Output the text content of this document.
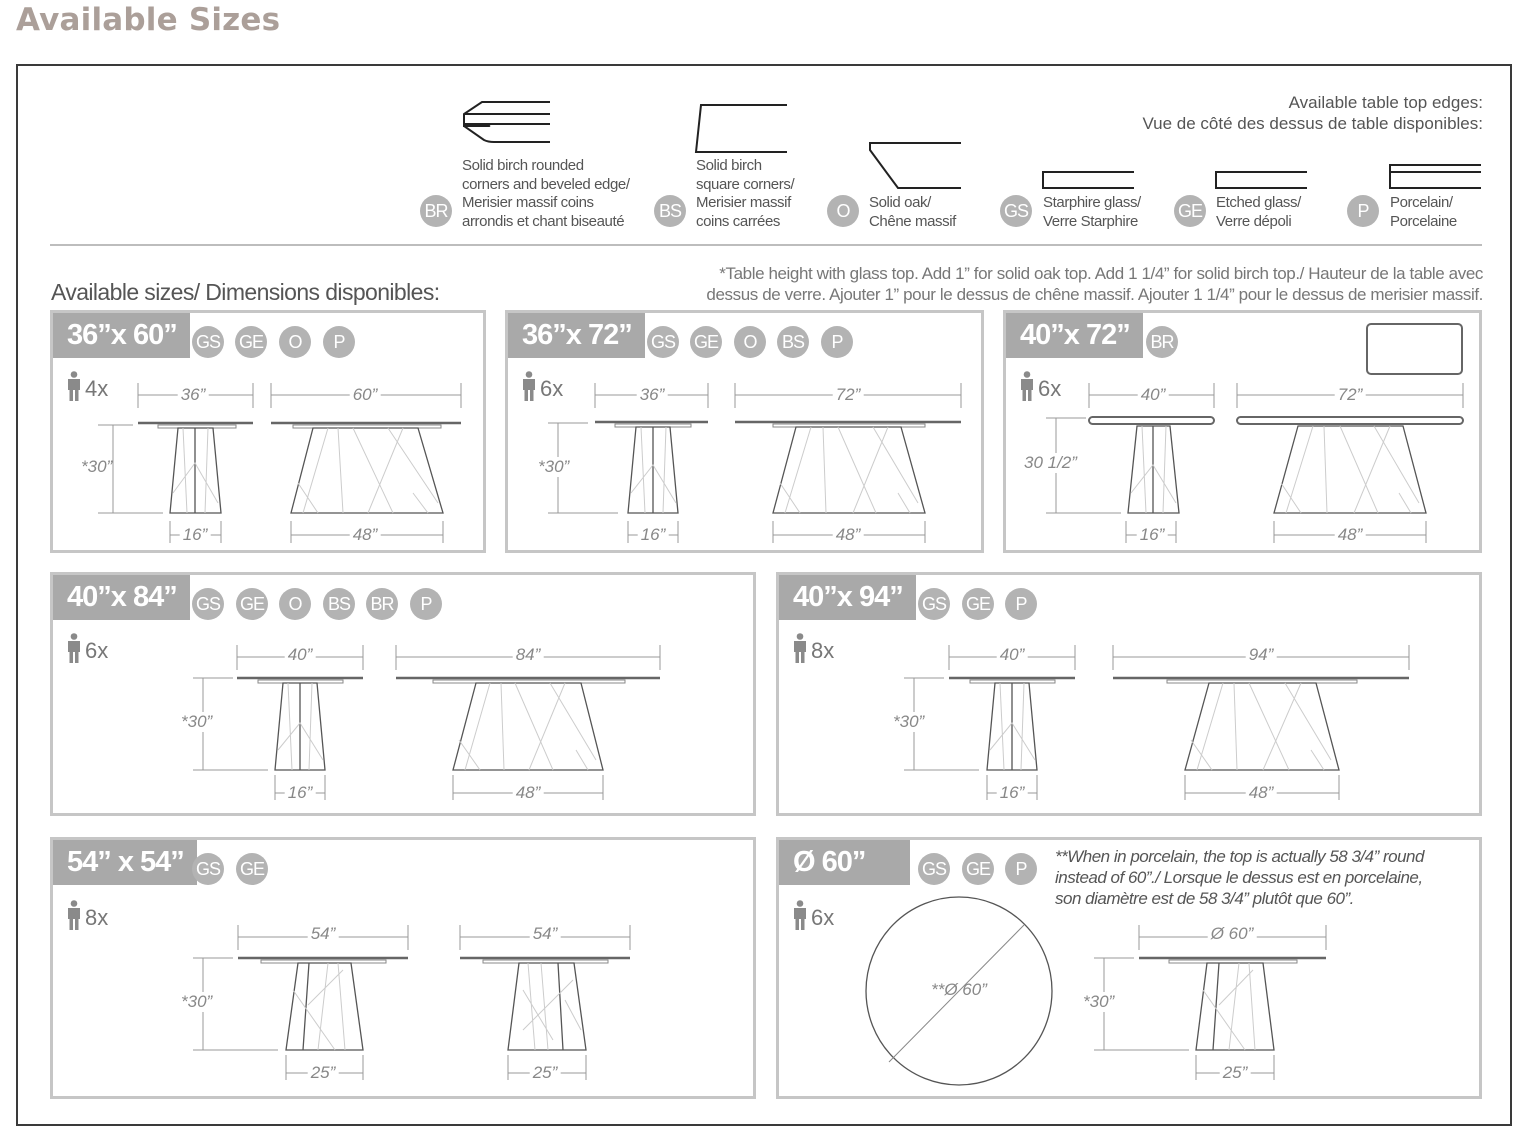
Available Sizes
Available table top edges:
Vue de côté des dessus de table disponibles:
BR
Solid birch rounded
corners and beveled edge/
Merisier massif coins
arrondis et chant biseauté	BS
Solid birch
square corners/
Merisier massif
coins carrées	O	Solid oak/
Chêne massif	GS Starphire glass/
Verre Starphire GE Etched glass/
Verre dépoli	P	Porcelain/
Porcelaine
Available sizes/ Dimensions disponibles:
*Table height with glass top. Add 1” for solid oak top. Add 1 1/4” for solid birch top./ Hauteur de la table avec
dessus de verre. Ajouter 1” pour le dessus de chêne massif. Ajouter 1 1/4” pour le dessus de merisier massif.
36”x 60”	GS GE	O	P
4x	36”	60”
*30”
16”	48”
36”x 72”	GS GE	O	BS	P
6x	36”	72”
*30”
16”	48”
40”x 72”	BR
6x	40”	72”
30 1/2”
16”	48”
40”x 84”	GS GE	O	BS BR	P
6x	40”	84”
*30”
16”	48”
40”x 94”	GS GE	P
8x	40”	94”
*30”
16”	48”
54” x 54” GS GE
8x
54”	54”
*30”
25”	25”
Ø 60”	GS GE	P
**When in porcelain, the top is actually 58 3/4” round
instead of 60”./ Lorsque le dessus est en porcelaine,
son diamètre est de 58 3/4” plutôt que 60”.
6x
**Ø 60”
Ø 60”
*30”
25”
